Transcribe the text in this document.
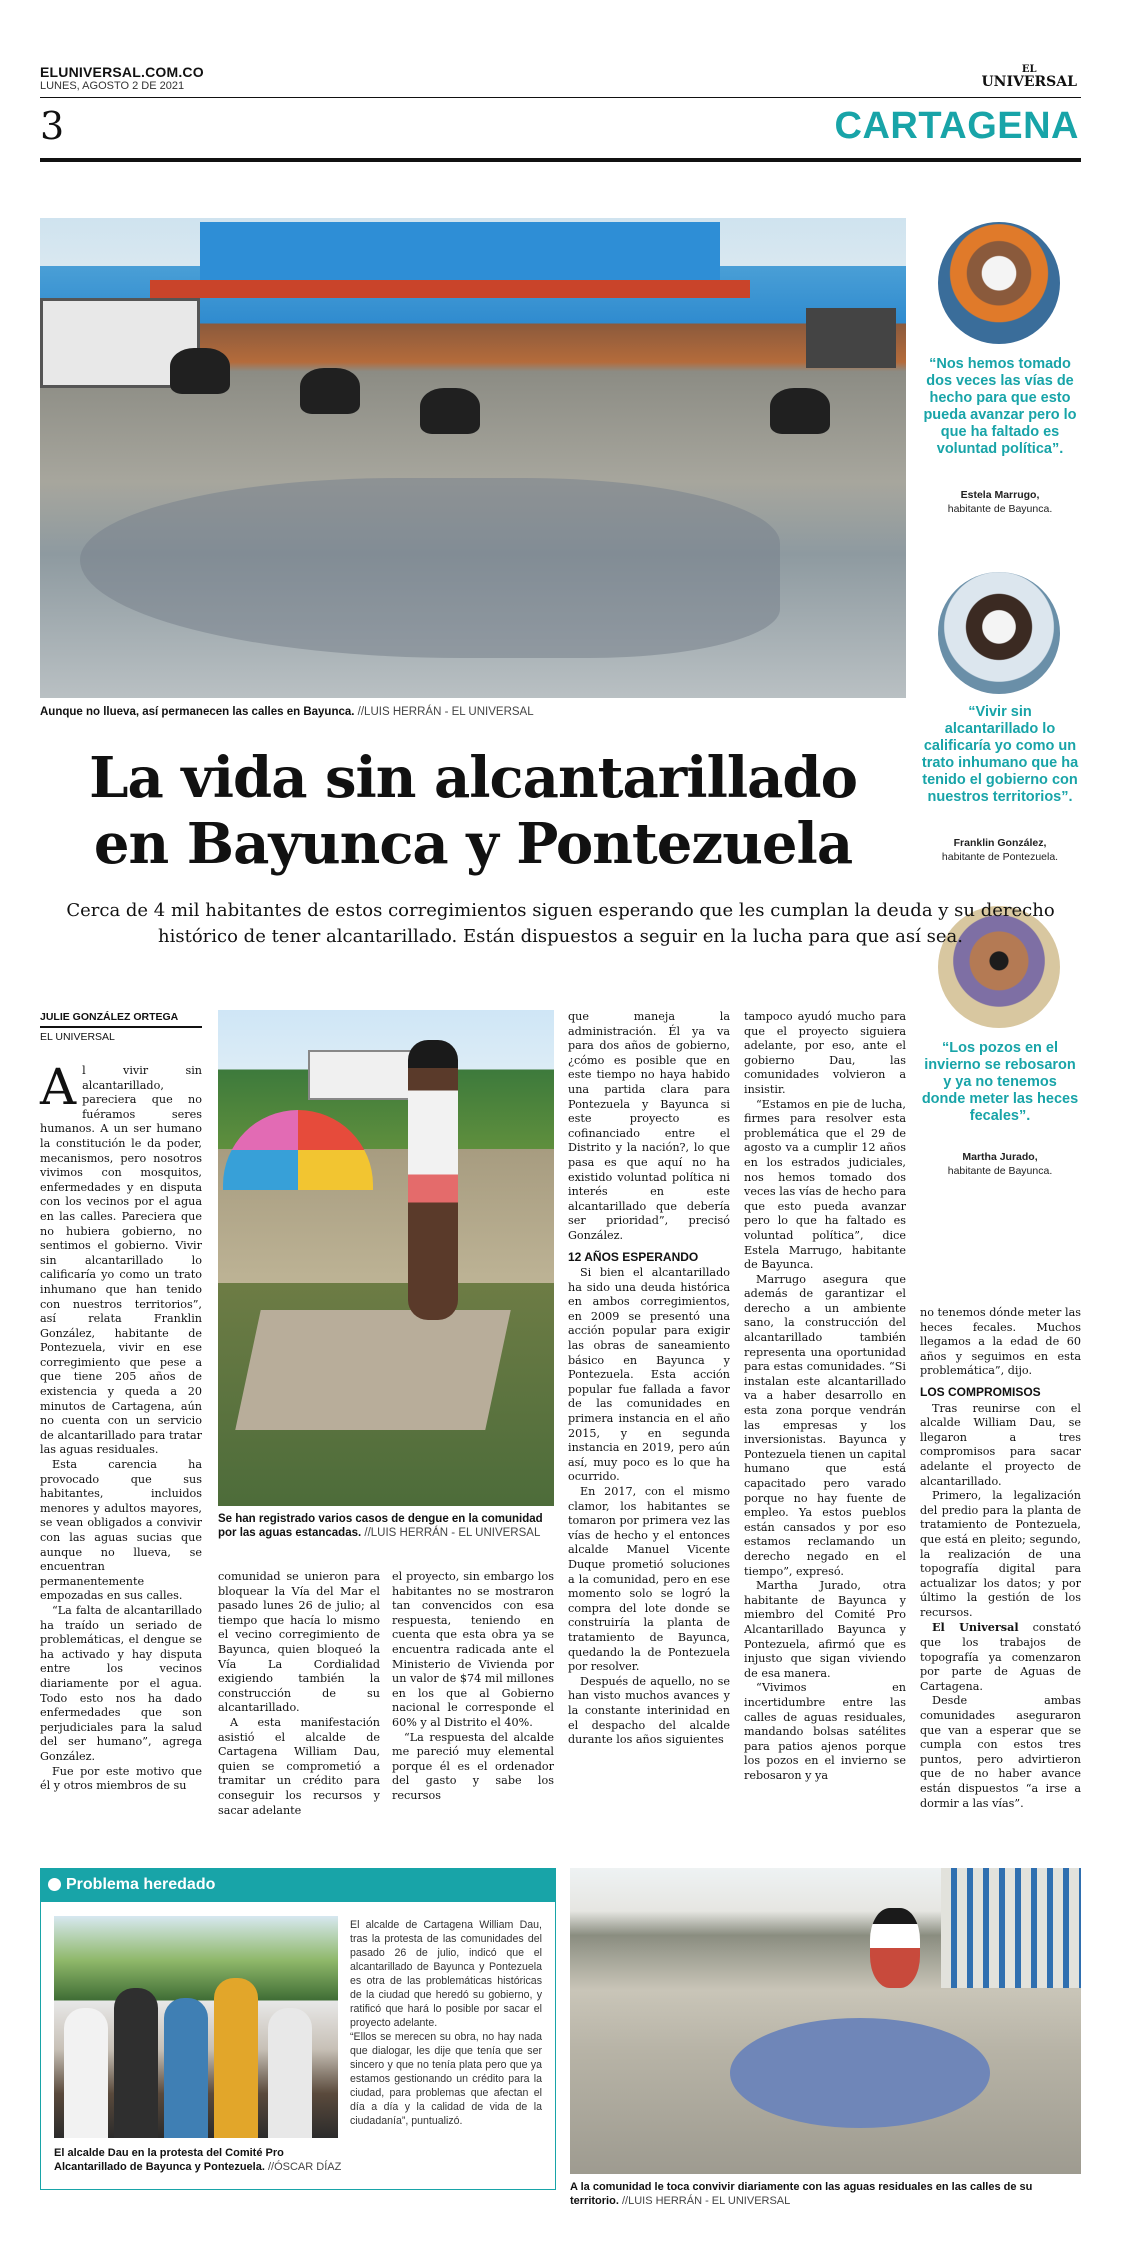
ELUNIVERSAL.COM.CO
LUNES, AGOSTO 2 DE 2021
EL
UNIVERSAL
3	CARTAGENA
Aunque no llueva, así permanecen las calles en Bayunca. //LUIS HERRÁN - EL UNIVERSAL
“Nos hemos tomado dos veces las vías de hecho para que esto pueda avanzar pero lo que ha faltado es voluntad política”.
Estela Marrugo,
habitante de Bayunca.
“Vivir sin alcantarillado lo calificaría yo como un trato inhumano que ha tenido el gobierno con nuestros territorios”.
Franklin González,
habitante de Pontezuela.
“Los pozos en el invierno se rebosaron y ya no tenemos donde meter las heces fecales”.
Martha Jurado,
habitante de Bayunca.
La vida sin alcantarillado
en Bayunca y Pontezuela
Cerca de 4 mil habitantes de estos corregimientos siguen esperando que les cumplan la deuda y su derecho histórico de tener alcantarillado. Están dispuestos a seguir en la lucha para que así sea.
JULIE GONZÁLEZ ORTEGA
EL UNIVERSAL

Al vivir sin alcantarillado, pareciera que no fuéramos seres humanos. A un ser humano la constitución le da poder, mecanismos, pero nosotros vivimos con mosquitos, enfermedades y en disputa con los vecinos por el agua en las calles. Pareciera que no hubiera gobierno, no sentimos el gobierno. Vivir sin alcantarillado lo calificaría yo como un trato inhumano que han tenido con nuestros territorios”, así relata Franklin González, habitante de Pontezuela, vivir en ese corregimiento que pese a que tiene 205 años de existencia y queda a 20 minutos de Cartagena, aún no cuenta con un servicio de alcantarillado para tratar las aguas residuales.

Esta carencia ha provocado que sus habitantes, incluidos menores y adultos mayores, se vean obligados a convivir con las aguas sucias que aunque no llueva, se encuentran permanentemente empozadas en sus calles.

“La falta de alcantarillado ha traído un seriado de problemáticas, el dengue se ha activado y hay disputa entre los vecinos diariamente por el agua. Todo esto nos ha dado enfermedades que son perjudiciales para la salud del ser humano”, agrega González.

Fue por este motivo que él y otros miembros de su

Se han registrado varios casos de dengue en la comunidad por las aguas estancadas. //LUIS HERRÁN - EL UNIVERSAL

comunidad se unieron para bloquear la Vía del Mar el pasado lunes 26 de julio; al tiempo que hacía lo mismo el vecino corregimiento de Bayunca, quien bloqueó la Vía La Cordialidad exigiendo también la construcción de su alcantarillado.

A esta manifestación asistió el alcalde de Cartagena William Dau, quien se comprometió a tramitar un crédito para conseguir los recursos y sacar adelante

el proyecto, sin embargo los habitantes no se mostraron tan convencidos con esa respuesta, teniendo en cuenta que esta obra ya se encuentra radicada ante el Ministerio de Vivienda por un valor de $74 mil millones en los que al Gobierno nacional le corresponde el 60% y al Distrito el 40%.

“La respuesta del alcalde me pareció muy elemental porque él es el ordenador del gasto y sabe los recursos

que maneja la administración. Él ya va para dos años de gobierno, ¿cómo es posible que en este tiempo no haya habido una partida clara para Pontezuela y Bayunca si este proyecto es cofinanciado entre el Distrito y la nación?, lo que pasa es que aquí no ha existido voluntad política ni interés en este alcantarillado que debería ser prioridad”, precisó González.

12 AÑOS ESPERANDO

Si bien el alcantarillado ha sido una deuda histórica en ambos corregimientos, en 2009 se presentó una acción popular para exigir las obras de saneamiento básico en Bayunca y Pontezuela. Esta acción popular fue fallada a favor de las comunidades en primera instancia en el año 2015, y en segunda instancia en 2019, pero aún así, muy poco es lo que ha ocurrido.

En 2017, con el mismo clamor, los habitantes se tomaron por primera vez las vías de hecho y el entonces alcalde Manuel Vicente Duque prometió soluciones a la comunidad, pero en ese momento solo se logró la compra del lote donde se construiría la planta de tratamiento de Bayunca, quedando la de Pontezuela por resolver.

Después de aquello, no se han visto muchos avances y la constante interinidad en el despacho del alcalde durante los años siguientes

tampoco ayudó mucho para que el proyecto siguiera adelante, por eso, ante el gobierno Dau, las comunidades volvieron a insistir.

“Estamos en pie de lucha, firmes para resolver esta problemática que el 29 de agosto va a cumplir 12 años en los estrados judiciales, nos hemos tomado dos veces las vías de hecho para que esto pueda avanzar pero lo que ha faltado es voluntad política”, dice Estela Marrugo, habitante de Bayunca.

Marrugo asegura que además de garantizar el derecho a un ambiente sano, la construcción del alcantarillado también representa una oportunidad para estas comunidades. “Si instalan este alcantarillado va a haber desarrollo en esta zona porque vendrán las empresas y los inversionistas. Bayunca y Pontezuela tienen un capital humano que está capacitado pero varado porque no hay fuente de empleo. Ya estos pueblos están cansados y por eso estamos reclamando un derecho negado en el tiempo”, expresó.

Martha Jurado, otra habitante de Bayunca y miembro del Comité Pro Alcantarillado Bayunca y Pontezuela, afirmó que es injusto que sigan viviendo de esa manera.

“Vivimos en incertidumbre entre las calles de aguas residuales, mandando bolsas satélites para patios ajenos porque los pozos en el invierno se rebosaron y ya

no tenemos dónde meter las heces fecales. Muchos llegamos a la edad de 60 años y seguimos en esta problemática”, dijo.

LOS COMPROMISOS

Tras reunirse con el alcalde William Dau, se llegaron a tres compromisos para sacar adelante el proyecto de alcantarillado.

Primero, la legalización del predio para la planta de tratamiento de Pontezuela, que está en pleito; segundo, la realización de una topografía digital para actualizar los datos; y por último la gestión de los recursos.

El Universal constató que los trabajos de topografía ya comenzaron por parte de Aguas de Cartagena.

Desde ambas comunidades aseguraron que van a esperar que se cumpla con estos tres puntos, pero advirtieron que de no haber avance están dispuestos “a irse a dormir a las vías”.

Problema heredado

El alcalde de Cartagena William Dau, tras la protesta de las comunidades del pasado 26 de julio, indicó que el alcantarillado de Bayunca y Pontezuela es otra de las problemáticas históricas de la ciudad que heredó su gobierno, y ratificó que hará lo posible por sacar el proyecto adelante.

“Ellos se merecen su obra, no hay nada que dialogar, les dije que tenía que ser sincero y que no tenía plata pero que ya estamos gestionando un crédito para la ciudad, para problemas que afectan el día a día y la calidad de vida de la ciudadanía”, puntualizó.

El alcalde Dau en la protesta del Comité Pro Alcantarillado de Bayunca y Pontezuela. //ÓSCAR DÍAZ
A la comunidad le toca convivir diariamente con las aguas residuales en las calles de su territorio. //LUIS HERRÁN - EL UNIVERSAL
